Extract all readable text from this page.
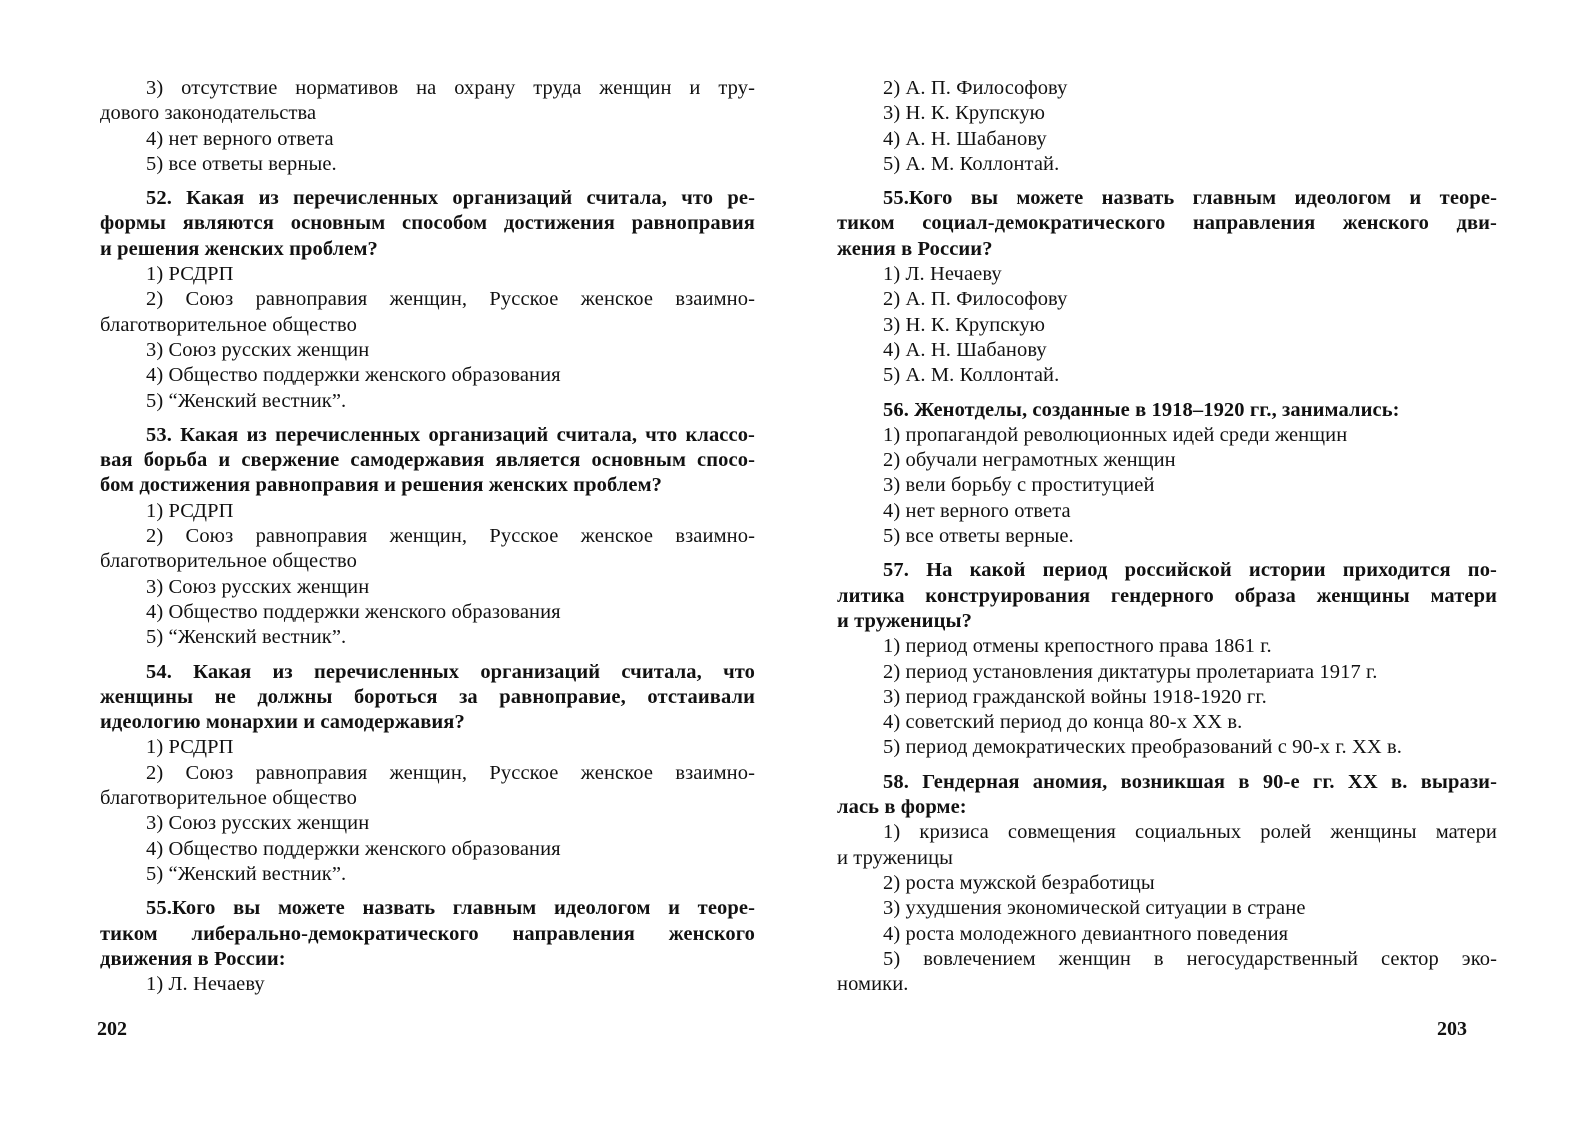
3) отсутствие нормативов на охрану труда женщин и тру-
дового законодательства
4) нет верного ответа
5) все ответы верные.
52. Какая из перечисленных организаций считала, что ре-
формы являются основным способом достижения равноправия
и решения женских проблем?
1) РСДРП
2) Союз равноправия женщин, Русское женское взаимно-
благотворительное общество
3) Союз русских женщин
4) Общество поддержки женского образования
5) “Женский вестник”.
53. Какая из перечисленных организаций считала, что классо-
вая борьба и свержение самодержавия является основным спосо-
бом достижения равноправия и решения женских проблем?
1) РСДРП
2) Союз равноправия женщин, Русское женское взаимно-
благотворительное общество
3) Союз русских женщин
4) Общество поддержки женского образования
5) “Женский вестник”.
54. Какая из перечисленных организаций считала, что
женщины не должны бороться за равноправие, отстаивали
идеологию монархии и самодержавия?
1) РСДРП
2) Союз равноправия женщин, Русское женское взаимно-
благотворительное общество
3) Союз русских женщин
4) Общество поддержки женского образования
5) “Женский вестник”.
55.Кого вы можете назвать главным идеологом и теоре-
тиком либерально-демократического направления женского
движения в России:
1) Л. Нечаеву
202
2) А. П. Философову
3) Н. К. Крупскую
4) А. Н. Шабанову
5) А. М. Коллонтай.
55.Кого вы можете назвать главным идеологом и теоре-
тиком социал-демократического направления женского дви-
жения в России?
1) Л. Нечаеву
2) А. П. Философову
3) Н. К. Крупскую
4) А. Н. Шабанову
5) А. М. Коллонтай.
56. Женотделы, созданные в 1918–1920 гг., занимались:
1) пропагандой революционных идей среди женщин
2) обучали неграмотных женщин
3) вели борьбу с проституцией
4) нет верного ответа
5) все ответы верные.
57. На какой период российской истории приходится по-
литика конструирования гендерного образа женщины матери
и труженицы?
1) период отмены крепостного права 1861 г.
2) период установления диктатуры пролетариата 1917 г.
3) период гражданской войны 1918-1920 гг.
4) советский период до конца 80-х XX в.
5) период демократических преобразований с 90-х г. XX в.
58. Гендерная аномия, возникшая в 90-е гг. XX в. вырази-
лась в форме:
1) кризиса совмещения социальных ролей женщины матери
и труженицы
2) роста мужской безработицы
3) ухудшения экономической ситуации в стране
4) роста молодежного девиантного поведения
5) вовлечением женщин в негосударственный сектор эко-
номики.
203
